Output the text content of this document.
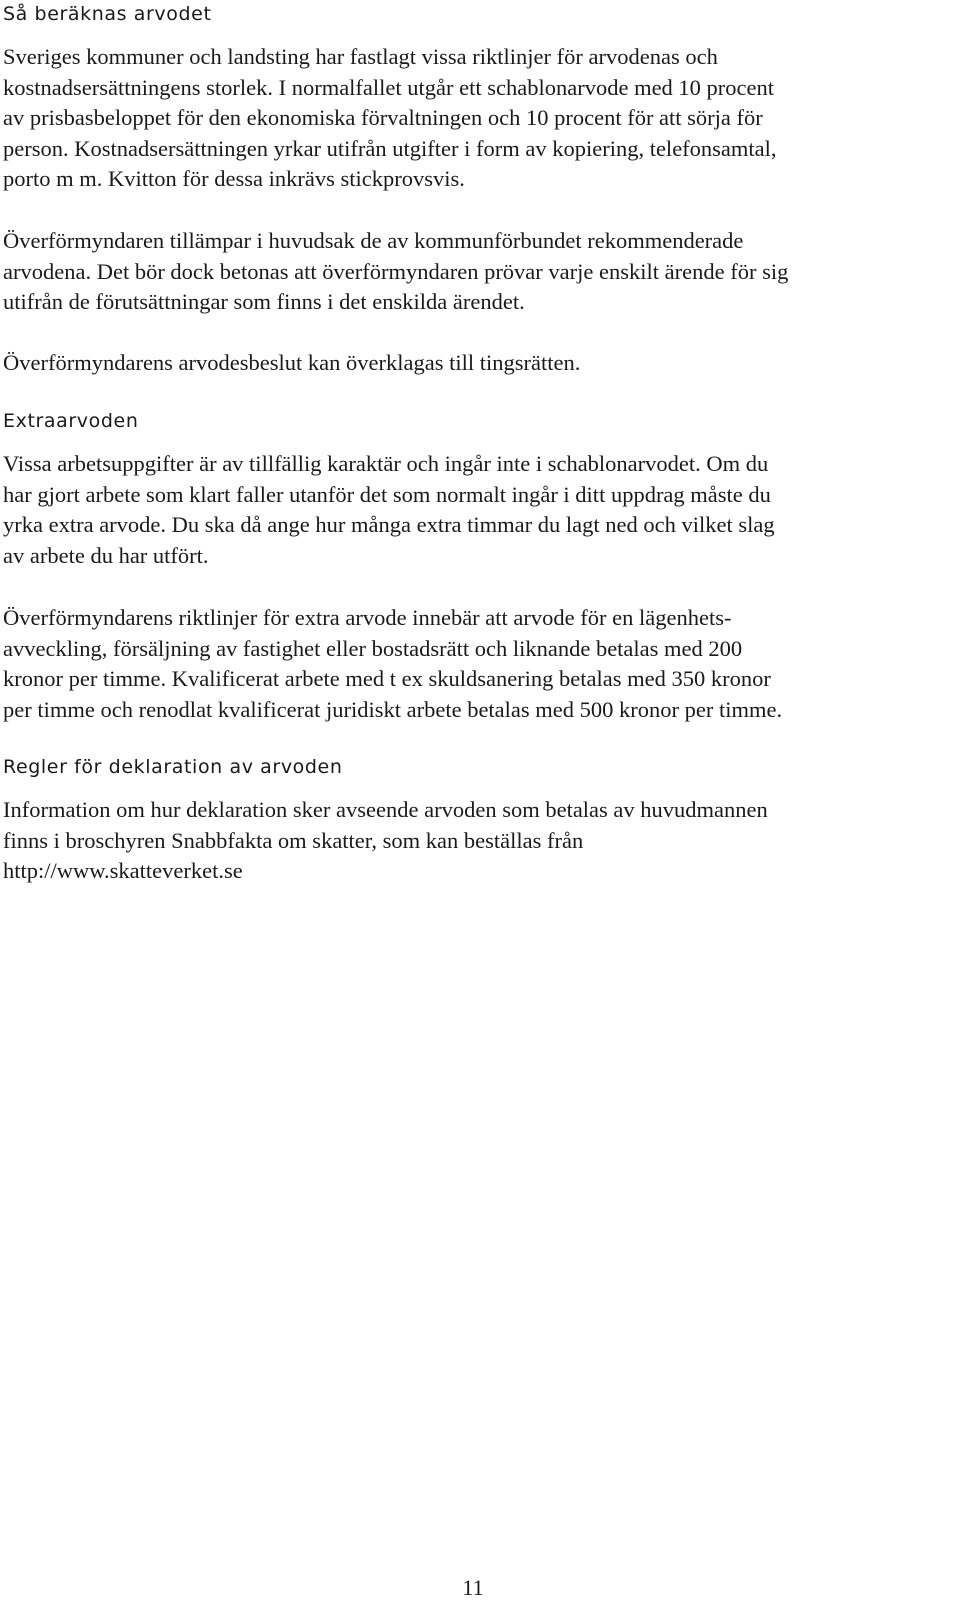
Så beräknas arvodet

Sveriges kommuner och landsting har fastlagt vissa riktlinjer för arvodenas och
kostnadsersättningens storlek. I normalfallet utgår ett schablonarvode med 10 procent
av prisbasbeloppet för den ekonomiska förvaltningen och 10 procent för att sörja för
person. Kostnadsersättningen yrkar utifrån utgifter i form av kopiering, telefonsamtal,
porto m m. Kvitton för dessa inkrävs stickprovsvis.

Överförmyndaren tillämpar i huvudsak de av kommunförbundet rekommenderade
arvodena. Det bör dock betonas att överförmyndaren prövar varje enskilt ärende för sig
utifrån de förutsättningar som finns i det enskilda ärendet.

Överförmyndarens arvodesbeslut kan överklagas till tingsrätten.

Extraarvoden

Vissa arbetsuppgifter är av tillfällig karaktär och ingår inte i schablonarvodet. Om du
har gjort arbete som klart faller utanför det som normalt ingår i ditt uppdrag måste du
yrka extra arvode. Du ska då ange hur många extra timmar du lagt ned och vilket slag
av arbete du har utfört.

Överförmyndarens riktlinjer för extra arvode innebär att arvode för en lägenhets-
avveckling, försäljning av fastighet eller bostadsrätt och liknande betalas med 200
kronor per timme. Kvalificerat arbete med t ex skuldsanering betalas med 350 kronor
per timme och renodlat kvalificerat juridiskt arbete betalas med 500 kronor per timme.

Regler för deklaration av arvoden

Information om hur deklaration sker avseende arvoden som betalas av huvudmannen
finns i broschyren Snabbfakta om skatter, som kan beställas från
http://www.skatteverket.se

11
